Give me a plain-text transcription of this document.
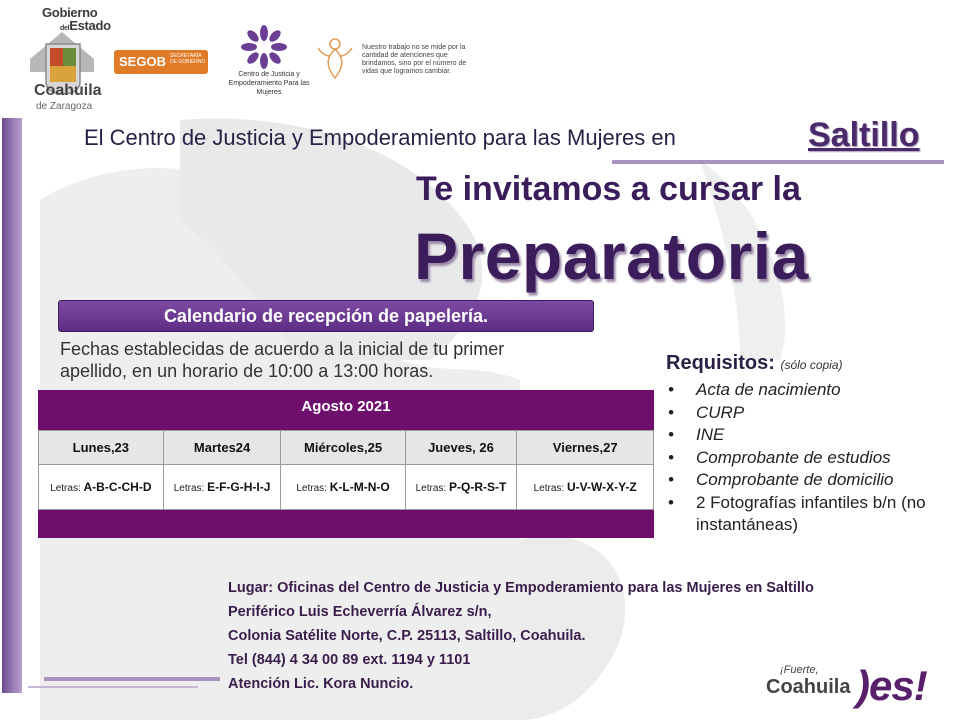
Gobierno
delEstado
Coahuila
de Zaragoza
SEGOB SECRETARÍA DE GOBIERNO
Centro de Justicia y Empoderamiento Para las Mujeres
Nuestro trabajo no se mide por la cantidad de atenciones que brindamos, sino por el número de vidas que logramos cambiar.
El Centro de Justicia y Empoderamiento para las Mujeres en	Saltillo
Te invitamos a cursar la
Preparatoria
Calendario de recepción de papelería.
Fechas establecidas de acuerdo a la inicial de tu primer apellido, en un horario de 10:00 a 13:00 horas.
Agosto 2021
Lunes,23	Martes24	Miércoles,25	Jueves, 26	Viernes,27
Letras: A-B-C-CH-D	Letras: E-F-G-H-I-J	Letras: K-L-M-N-O	Letras: P-Q-R-S-T	Letras: U-V-W-X-Y-Z
Requisitos: (sólo copia)
• Acta de nacimiento
• CURP
• INE
• Comprobante de estudios
• Comprobante de domicilio
• 2 Fotografías infantiles b/n (no instantáneas)
Lugar: Oficinas del Centro de Justicia y Empoderamiento para las Mujeres en Saltillo
Periférico Luis Echeverría Álvarez s/n,
Colonia Satélite Norte, C.P. 25113, Saltillo, Coahuila.
Tel (844) 4 34 00 89 ext. 1194 y 1101
Atención Lic. Kora Nuncio.
¡Fuerte,
Coahuila )es!
